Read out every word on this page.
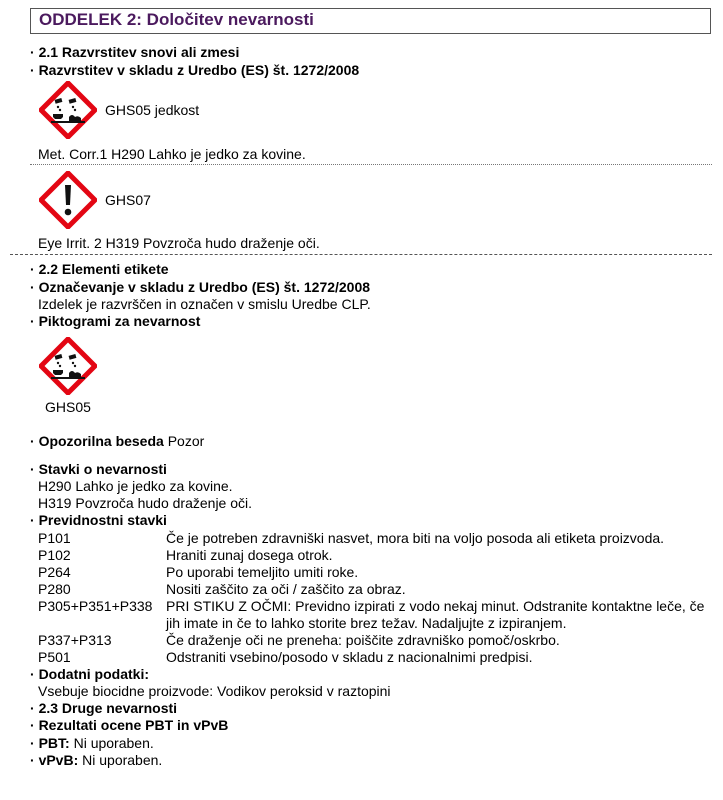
ODDELEK 2: Določitev nevarnosti
· 2.1 Razvrstitev snovi ali zmesi
· Razvrstitev v skladu z Uredbo (ES) št. 1272/2008
GHS05 jedkost
Met. Corr.1 H290 Lahko je jedko za kovine.
GHS07
Eye Irrit. 2 H319 Povzroča hudo draženje oči.
· 2.2 Elementi etikete
· Označevanje v skladu z Uredbo (ES) št. 1272/2008
Izdelek je razvrščen in označen v smislu Uredbe CLP.
· Piktogrami za nevarnost
GHS05
· Opozorilna beseda Pozor
· Stavki o nevarnosti
H290 Lahko je jedko za kovine.
H319 Povzroča hudo draženje oči.
· Previdnostni stavki
P101	Če je potreben zdravniški nasvet, mora biti na voljo posoda ali etiketa proizvoda.
P102	Hraniti zunaj dosega otrok.
P264	Po uporabi temeljito umiti roke.
P280	Nositi zaščito za oči / zaščito za obraz.
P305+P351+P338 PRI STIKU Z OČMI: Previdno izpirati z vodo nekaj minut. Odstranite kontaktne leče, če jih imate in če to lahko storite brez težav. Nadaljujte z izpiranjem.
P337+P313	Če draženje oči ne preneha: poiščite zdravniško pomoč/oskrbo.
P501	Odstraniti vsebino/posodo v skladu z nacionalnimi predpisi.
· Dodatni podatki:
Vsebuje biocidne proizvode: Vodikov peroksid v raztopini
· 2.3 Druge nevarnosti
· Rezultati ocene PBT in vPvB
· PBT: Ni uporaben.
· vPvB: Ni uporaben.
